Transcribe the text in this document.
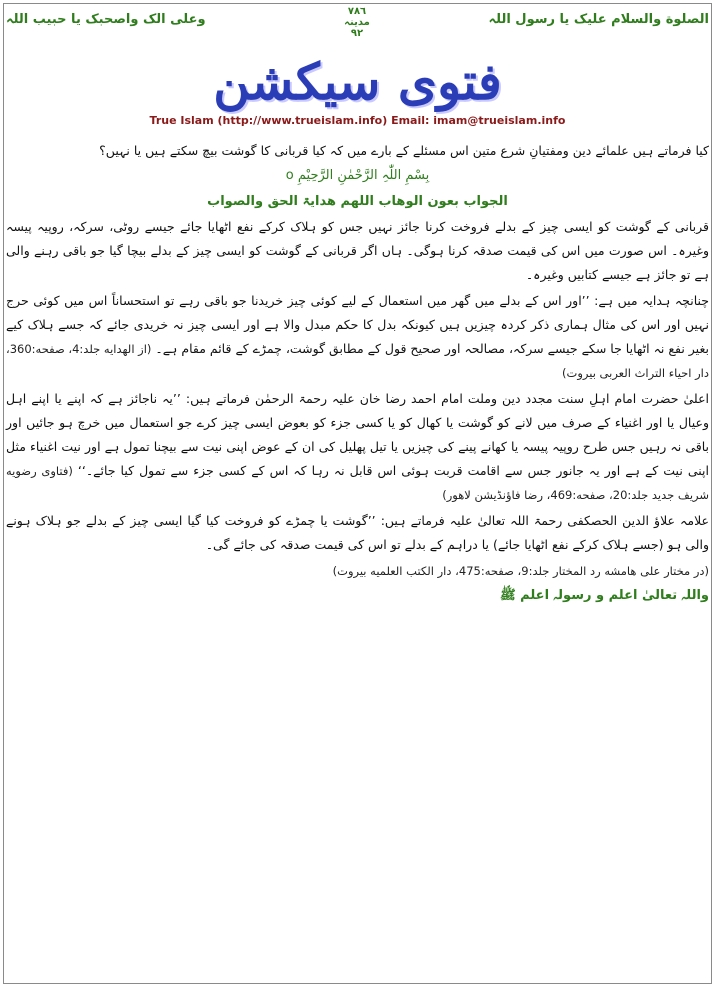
الصلوة والسلام علیک یا رسول اللہ
۷۸٦
مدینہ
۹۲
وعلی الک واصحبک یا حبیب اللہ
فتوی سیکشن
True Islam (http://www.trueislam.info) Email: imam@trueislam.info
کیا فرماتے ہیں علمائے دین ومفتیانِ شرع متین اس مسئلے کے بارے میں کہ کیا قربانی کا گوشت بیچ سکتے ہیں یا نہیں؟
بِسْمِ اللّٰہِ الرَّحْمٰنِ الرَّحِیْمِ o
الجواب بعون الوھاب اللھم ھدایۃ الحق والصواب

قربانی کے گوشت کو ایسی چیز کے بدلے فروخت کرنا جائز نہیں جس کو ہلاک کرکے نفع اٹھایا جائے جیسے روٹی، سرکہ، روپیہ پیسہ وغیرہ۔ اس صورت میں اس کی قیمت صدقہ کرنا ہوگی۔ ہاں اگر قربانی کے گوشت کو ایسی چیز کے بدلے بیچا گیا جو باقی رہنے والی ہے تو جائز ہے جیسے کتابیں وغیرہ۔

چنانچہ ہدایہ میں ہے: ’’اور اس کے بدلے میں گھر میں استعمال کے لیے کوئی چیز خریدنا جو باقی رہے تو استحساناً اس میں کوئی حرج نہیں اور اس کی مثال ہماری ذکر کردہ چیزیں ہیں کیونکہ بدل کا حکم مبدل والا ہے اور ایسی چیز نہ خریدی جائے کہ جسے ہلاک کیے بغیر نفع نہ اٹھایا جا سکے جیسے سرکہ، مصالحہ اور صحیح قول کے مطابق گوشت، چمڑے کے قائم مقام ہے۔ (از الهدایه جلد:4، صفحه:360، دار احیاء التراث العربی بیروت)

اعلیٰ حضرت امام اہلِ سنت مجدد دین وملت امام احمد رضا خان علیہ رحمۃ الرحمٰن فرماتے ہیں: ’’یہ ناجائز ہے کہ اپنے یا اپنے اہل وعیال یا اور اغنیاء کے صرف میں لانے کو گوشت یا کھال کو یا کسی جزء کو بعوض ایسی چیز کرے جو استعمال میں خرچ ہو جائیں اور باقی نہ رہیں جس طرح روپیہ پیسہ یا کھانے پینے کی چیزیں یا تیل پھلیل کی ان کے عوض اپنی نیت سے بیچنا تمول ہے اور نیت اغنیاء مثل اپنی نیت کے ہے اور یہ جانور جس سے اقامت قربت ہوئی اس قابل نہ رہا کہ اس کے کسی جزء سے تمول کیا جائے۔‘‘ (فتاوی رضویه شریف جدید جلد:20، صفحه:469، رضا فاؤنڈیشن لاهور)

علامہ علاؤ الدین الحصکفی رحمۃ اللہ تعالیٰ علیہ فرماتے ہیں: ’’گوشت یا چمڑے کو فروخت کیا گیا ایسی چیز کے بدلے جو ہلاک ہونے والی ہو (جسے ہلاک کرکے نفع اٹھایا جائے) یا دراہم کے بدلے تو اس کی قیمت صدقہ کی جائے گی۔

(در مختار علی هامشه رد المختار جلد:9، صفحه:475، دار الکتب العلمیه بیروت)
واللہ تعالیٰ اعلم و رسولہ اعلم ﷺ
